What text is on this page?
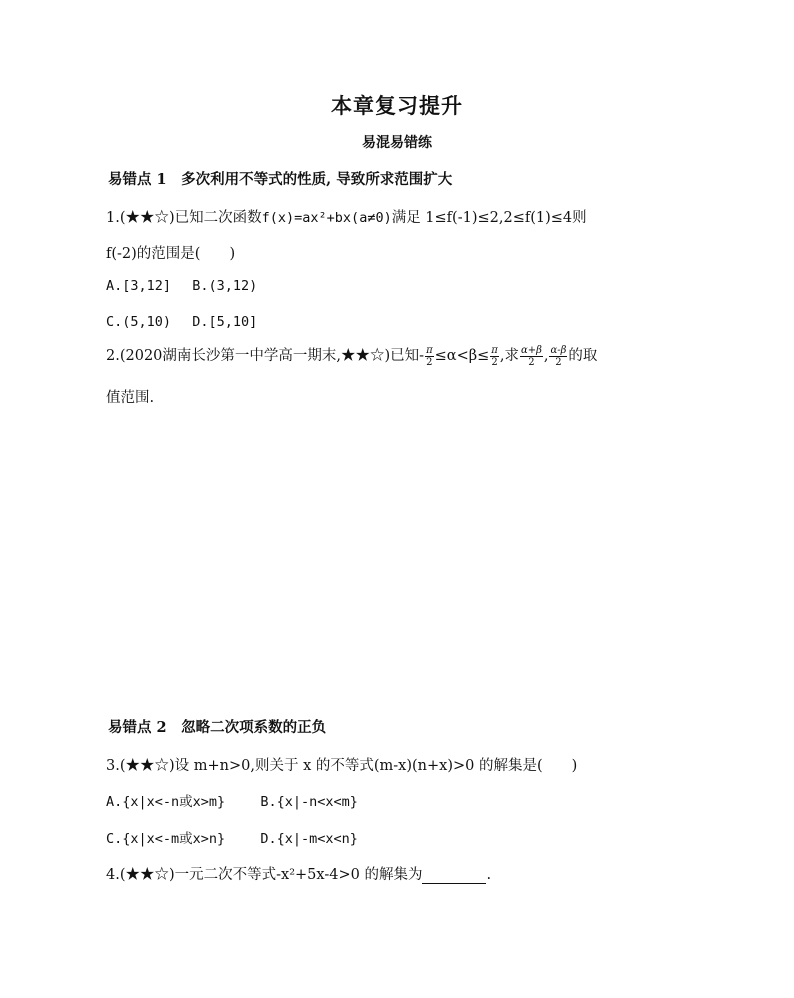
本章复习提升
易混易错练
易错点 1　多次利用不等式的性质, 导致所求范围扩大
1.(★★☆)已知二次函数f(x)=ax²+bx(a≠0)满足 1≤f(-1)≤2,2≤f(1)≤4则
f(-2)的范围是(　　)
A.[3,12] B.(3,12)
C.(5,10) D.[5,10]
2.(2020湖南长沙第一中学高一期末,★★☆)已知- $\frac{\pi}{2} \le\alpha<\beta\le \frac{\pi}{2}$ ,求 $\frac{\alpha+\beta}{2}$ , $\frac{\alpha-\beta}{2}$ 的取
值范围.
易错点 2　忽略二次项系数的正负
3.(★★☆)设 m+n>0,则关于 x 的不等式(m-x)(n+x)>0 的解集是(　　)
A.{x|x<-n或x>m}	B.{x|-n<x<m}
C.{x|x<-m或x>n}	D.{x|-m<x<n}
4.(★★☆)一元二次不等式-x²+5x-4>0 的解集为	.
